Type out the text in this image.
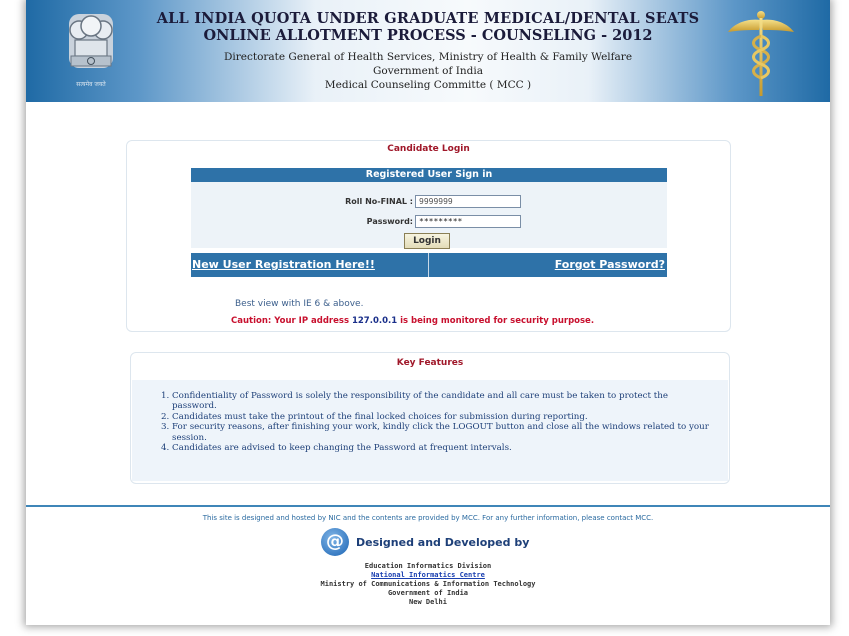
सत्यमेव जयते
ALL INDIA QUOTA UNDER GRADUATE MEDICAL/DENTAL SEATS
ONLINE ALLOTMENT PROCESS - COUNSELING - 2012
Directorate General of Health Services, Ministry of Health & Family Welfare
Government of India
Medical Counseling Committe ( MCC )
Candidate Login
Registered User Sign in
Roll No-FINAL : 9999999
Password: *********
Login
New User Registration Here!!	Forgot Password?
Best view with IE 6 & above.
Caution: Your IP address 127.0.0.1 is being monitored for security purpose.
Key Features
1. Confidentiality of Password is solely the responsibility of the candidate and all care must be taken to protect the password.
2. Candidates must take the printout of the final locked choices for submission during reporting.
3. For security reasons, after finishing your work, kindly click the LOGOUT button and close all the windows related to your session.
4. Candidates are advised to keep changing the Password at frequent intervals.
This site is designed and hosted by NIC and the contents are provided by MCC. For any further information, please contact MCC.
@	Designed and Developed by
Education Informatics Division
National Informatics Centre
Ministry of Communications & Information Technology
Government of India
New Delhi
